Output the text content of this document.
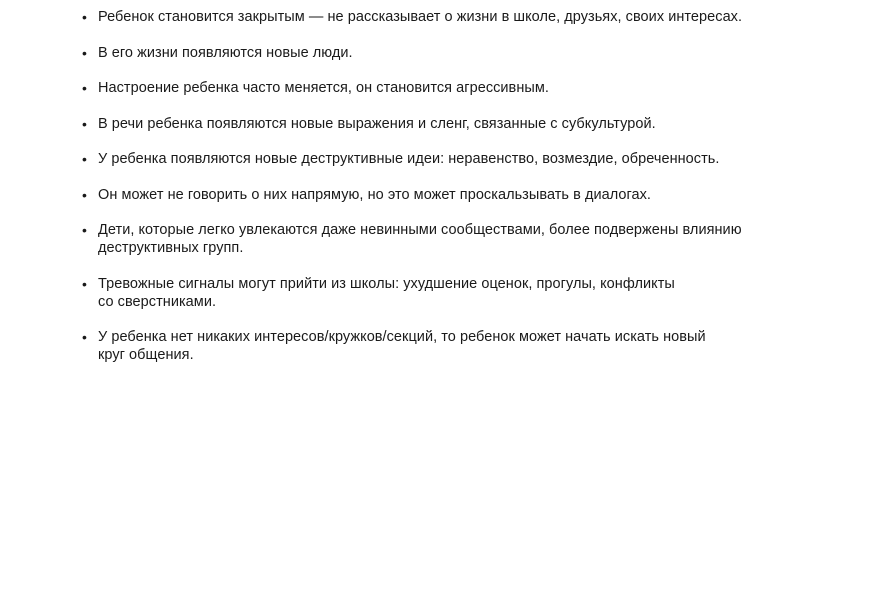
• Ребенок становится закрытым — не рассказывает о жизни в школе, друзьях, своих интересах.
• В его жизни появляются новые люди.
• Настроение ребенка часто меняется, он становится агрессивным.
• В речи ребенка появляются новые выражения и сленг, связанные с субкультурой.
• У ребенка появляются новые деструктивные идеи: неравенство, возмездие, обреченность.
• Он может не говорить о них напрямую, но это может проскальзывать в диалогах.
• Дети, которые легко увлекаются даже невинными сообществами, более подвержены влиянию
деструктивных групп.
• Тревожные сигналы могут прийти из школы: ухудшение оценок, прогулы, конфликты
со сверстниками.
• У ребенка нет никаких интересов/кружков/секций, то ребенок может начать искать новый
круг общения.
